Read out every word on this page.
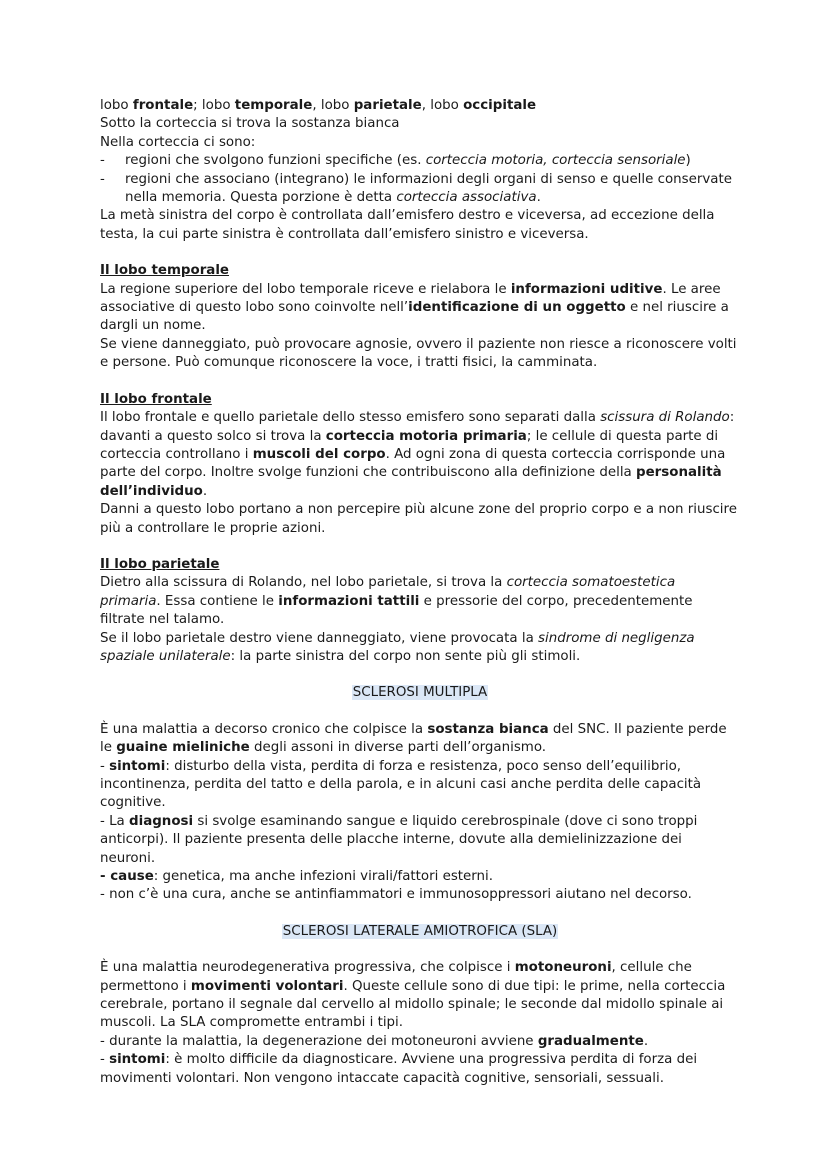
lobo frontale; lobo temporale, lobo parietale, lobo occipitale

Sotto la corteccia si trova la sostanza bianca

Nella corteccia ci sono:

- regioni che svolgono funzioni specifiche (es. corteccia motoria, corteccia sensoriale)
- regioni che associano (integrano) le informazioni degli organi di senso e quelle conservate nella memoria. Questa porzione è detta corteccia associativa.

La metà sinistra del corpo è controllata dall’emisfero destro e viceversa, ad eccezione della testa, la cui parte sinistra è controllata dall’emisfero sinistro e viceversa.

Il lobo temporale

La regione superiore del lobo temporale riceve e rielabora le informazioni uditive. Le aree associative di questo lobo sono coinvolte nell’identificazione di un oggetto e nel riuscire a dargli un nome.

Se viene danneggiato, può provocare agnosie, ovvero il paziente non riesce a riconoscere volti e persone. Può comunque riconoscere la voce, i tratti fisici, la camminata.

Il lobo frontale

Il lobo frontale e quello parietale dello stesso emisfero sono separati dalla scissura di Rolando: davanti a questo solco si trova la corteccia motoria primaria; le cellule di questa parte di corteccia controllano i muscoli del corpo. Ad ogni zona di questa corteccia corrisponde una parte del corpo. Inoltre svolge funzioni che contribuiscono alla definizione della personalità dell’individuo.

Danni a questo lobo portano a non percepire più alcune zone del proprio corpo e a non riuscire più a controllare le proprie azioni.

Il lobo parietale

Dietro alla scissura di Rolando, nel lobo parietale, si trova la corteccia somatoestetica primaria. Essa contiene le informazioni tattili e pressorie del corpo, precedentemente filtrate nel talamo.

Se il lobo parietale destro viene danneggiato, viene provocata la sindrome di negligenza spaziale unilaterale: la parte sinistra del corpo non sente più gli stimoli.

SCLEROSI MULTIPLA

È una malattia a decorso cronico che colpisce la sostanza bianca del SNC. Il paziente perde le guaine mieliniche degli assoni in diverse parti dell’organismo.

- sintomi: disturbo della vista, perdita di forza e resistenza, poco senso dell’equilibrio, incontinenza, perdita del tatto e della parola, e in alcuni casi anche perdita delle capacità cognitive.

- La diagnosi si svolge esaminando sangue e liquido cerebrospinale (dove ci sono troppi anticorpi). Il paziente presenta delle placche interne, dovute alla demielinizzazione dei neuroni.

- cause: genetica, ma anche infezioni virali/fattori esterni.

- non c’è una cura, anche se antinfiammatori e immunosoppressori aiutano nel decorso.

SCLEROSI LATERALE AMIOTROFICA (SLA)

È una malattia neurodegenerativa progressiva, che colpisce i motoneuroni, cellule che permettono i movimenti volontari. Queste cellule sono di due tipi: le prime, nella corteccia cerebrale, portano il segnale dal cervello al midollo spinale; le seconde dal midollo spinale ai muscoli. La SLA compromette entrambi i tipi.

- durante la malattia, la degenerazione dei motoneuroni avviene gradualmente.

- sintomi: è molto difficile da diagnosticare. Avviene una progressiva perdita di forza dei movimenti volontari. Non vengono intaccate capacità cognitive, sensoriali, sessuali.
